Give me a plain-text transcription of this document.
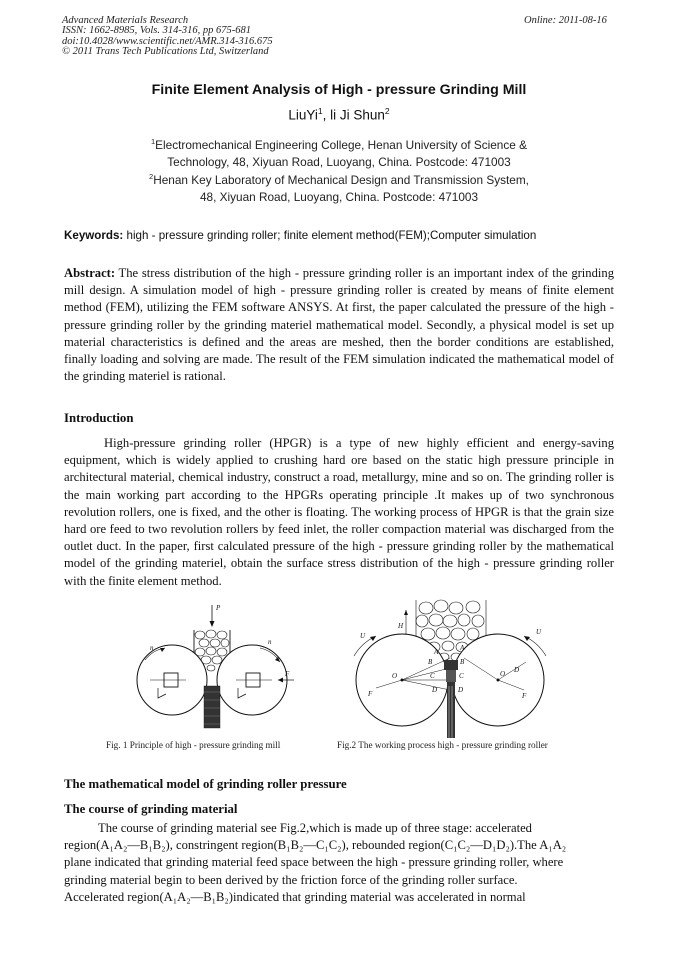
Advanced Materials Research
ISSN: 1662-8985, Vols. 314-316, pp 675-681
doi:10.4028/www.scientific.net/AMR.314-316.675
© 2011 Trans Tech Publications Ltd, Switzerland
Online: 2011-08-16
Finite Element Analysis of High - pressure Grinding Mill
LiuYi$^1$, li Ji Shun$^2$
$^1$Electromechanical Engineering College, Henan University of Science &
Technology, 48, Xiyuan Road, Luoyang, China. Postcode: 471003
$^2$Henan Key Laboratory of Mechanical Design and Transmission System,
48, Xiyuan Road, Luoyang, China. Postcode: 471003
Keywords: high - pressure grinding roller; finite element method(FEM);Computer simulation
Abstract: The stress distribution of the high - pressure grinding roller is an important index of the grinding mill design. A simulation model of high - pressure grinding roller is created by means of finite element method (FEM), utilizing the FEM software ANSYS. At first, the paper calculated the pressure of the high - pressure grinding roller by the grinding materiel mathematical model. Secondly, a physical model is set up material characteristics is defined and the areas are meshed, then the border conditions are established, finally loading and solving are made. The result of the FEM simulation indicated the mathematical model of the grinding materiel is rational.
Introduction
High-pressure grinding roller (HPGR) is a type of new highly efficient and energy-saving equipment, which is widely applied to crushing hard ore based on the static high pressure principle in architectural material, chemical industry, construct a road, metallurgy, mine and so on. The grinding roller is the main working part according to the HPGRs operating principle .It makes up of two synchronous revolution rollers, one is fixed, and the other is floating. The working process of HPGR is that the grain size hard ore feed to two revolution rollers by feed inlet, the roller compaction material was discharged from the outlet duct. In the paper, first calculated pressure of the high - pressure grinding roller by the mathematical model of the grinding materiel, obtain the surface stress distribution of the high - pressure grinding roller with the finite element method.
P
n
n
F
Fig. 1 Principle of high - pressure grinding mill
H
O	O
U	U
F	F
D
A	A
B	B
C	C
D	D
Fig.2 The working process high - pressure grinding roller
The mathematical model of grinding roller pressure
The course of grinding material
The course of grinding material see Fig.2,which is made up of three stage: accelerated
region(A₁A₂—B₁B₂), constringent region(B₁B₂—C₁C₂), rebounded region(C₁C₂—D₁D₂).The A₁A₂
plane indicated that grinding material feed space between the high - pressure grinding roller, where
grinding material begin to been derived by the friction force of the grinding roller surface.
Accelerated region(A₁A₂—B₁B₂)indicated that grinding material was accelerated in normal
